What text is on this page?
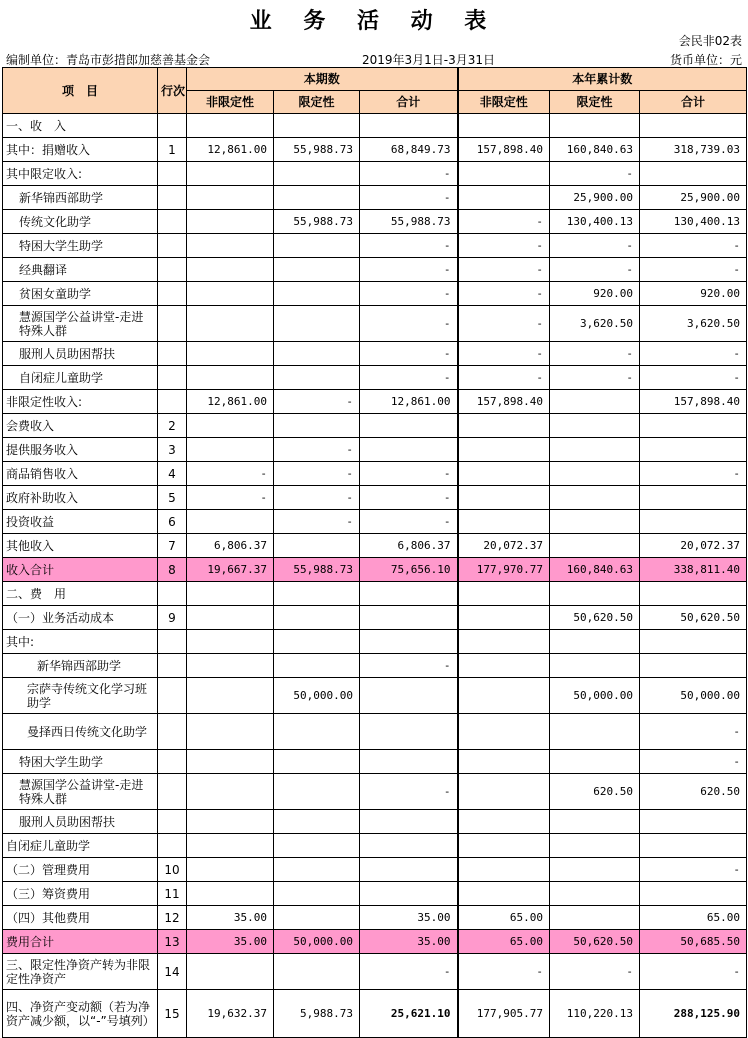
业 务 活 动 表
会民非02表
编制单位：青岛市彭措郎加慈善基金会	2019年3月1日-3月31日	货币单位：元
项　目	行次	本期数			本年累计数		
		非限定性	限定性	合计	非限定性	限定性	合计
一、收　入							
其中：捐赠收入	1	12,861.00	55,988.73	68,849.73	157,898.40	160,840.63	318,739.03
其中限定收入:				-		-	
新华锦西部助学				-		25,900.00	25,900.00
传统文化助学			55,988.73	55,988.73	-	130,400.13	130,400.13
特困大学生助学				-	-	-	-
经典翻译				-	-	-	-
贫困女童助学				-	-	920.00	920.00
慧源国学公益讲堂-走进特殊人群				-	-	3,620.50	3,620.50
服刑人员助困帮扶				-	-	-	-
自闭症儿童助学				-	-	-	-
非限定性收入:		12,861.00	-	12,861.00	157,898.40		157,898.40
会费收入	2						
提供服务收入	3		-				
商品销售收入	4	-	-	-			-
政府补助收入	5	-	-	-			
投资收益	6		-	-			
其他收入	7	6,806.37		6,806.37	20,072.37		20,072.37
收入合计	8	19,667.37	55,988.73	75,656.10	177,970.77	160,840.63	338,811.40
二、费　用							
（一）业务活动成本	9					50,620.50	50,620.50
其中:							
新华锦西部助学				-			
宗萨寺传统文化学习班助学			50,000.00			50,000.00	50,000.00
曼择西日传统文化助学							-
特困大学生助学							-
慧源国学公益讲堂-走进特殊人群				-		620.50	620.50
服刑人员助困帮扶							
自闭症儿童助学							
（二）管理费用	10						-
（三）筹资费用	11						
（四）其他费用	12	35.00		35.00	65.00		65.00
费用合计	13	35.00	50,000.00	35.00	65.00	50,620.50	50,685.50
三、限定性净资产转为非限定性净资产	14			-	-	-	-
四、净资产变动额（若为净资产减少额，以“-”号填列）	15	19,632.37	5,988.73	25,621.10	177,905.77	110,220.13	288,125.90
